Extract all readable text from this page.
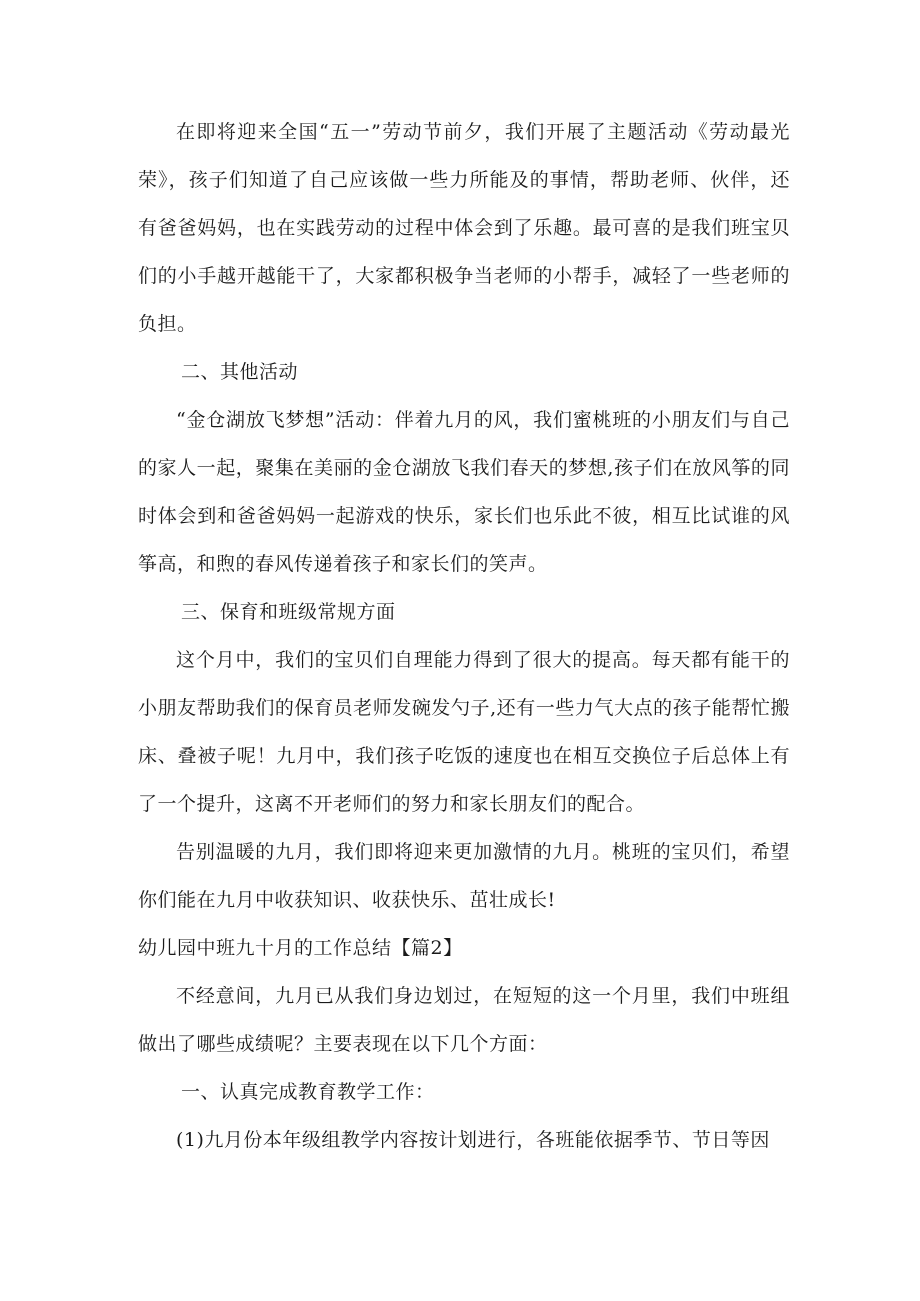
在即将迎来全国“五一”劳动节前夕，我们开展了主题活动《劳动最光荣》，孩子们知道了自己应该做一些力所能及的事情，帮助老师、伙伴，还有爸爸妈妈，也在实践劳动的过程中体会到了乐趣。最可喜的是我们班宝贝们的小手越开越能干了，大家都积极争当老师的小帮手，减轻了一些老师的负担。

二、其他活动

“金仓湖放飞梦想”活动：伴着九月的风，我们蜜桃班的小朋友们与自己的家人一起，聚集在美丽的金仓湖放飞我们春天的梦想,孩子们在放风筝的同时体会到和爸爸妈妈一起游戏的快乐，家长们也乐此不彼，相互比试谁的风筝高，和煦的春风传递着孩子和家长们的笑声。

三、保育和班级常规方面

这个月中，我们的宝贝们自理能力得到了很大的提高。每天都有能干的小朋友帮助我们的保育员老师发碗发勺子,还有一些力气大点的孩子能帮忙搬床、叠被子呢！九月中，我们孩子吃饭的速度也在相互交换位子后总体上有了一个提升，这离不开老师们的努力和家长朋友们的配合。

告别温暖的九月，我们即将迎来更加激情的九月。桃班的宝贝们，希望你们能在九月中收获知识、收获快乐、茁壮成长!

幼儿园中班九十月的工作总结【篇2】

不经意间，九月已从我们身边划过，在短短的这一个月里，我们中班组做出了哪些成绩呢？主要表现在以下几个方面：

一、认真完成教育教学工作：

(1)九月份本年级组教学内容按计划进行，各班能依据季节、节日等因
